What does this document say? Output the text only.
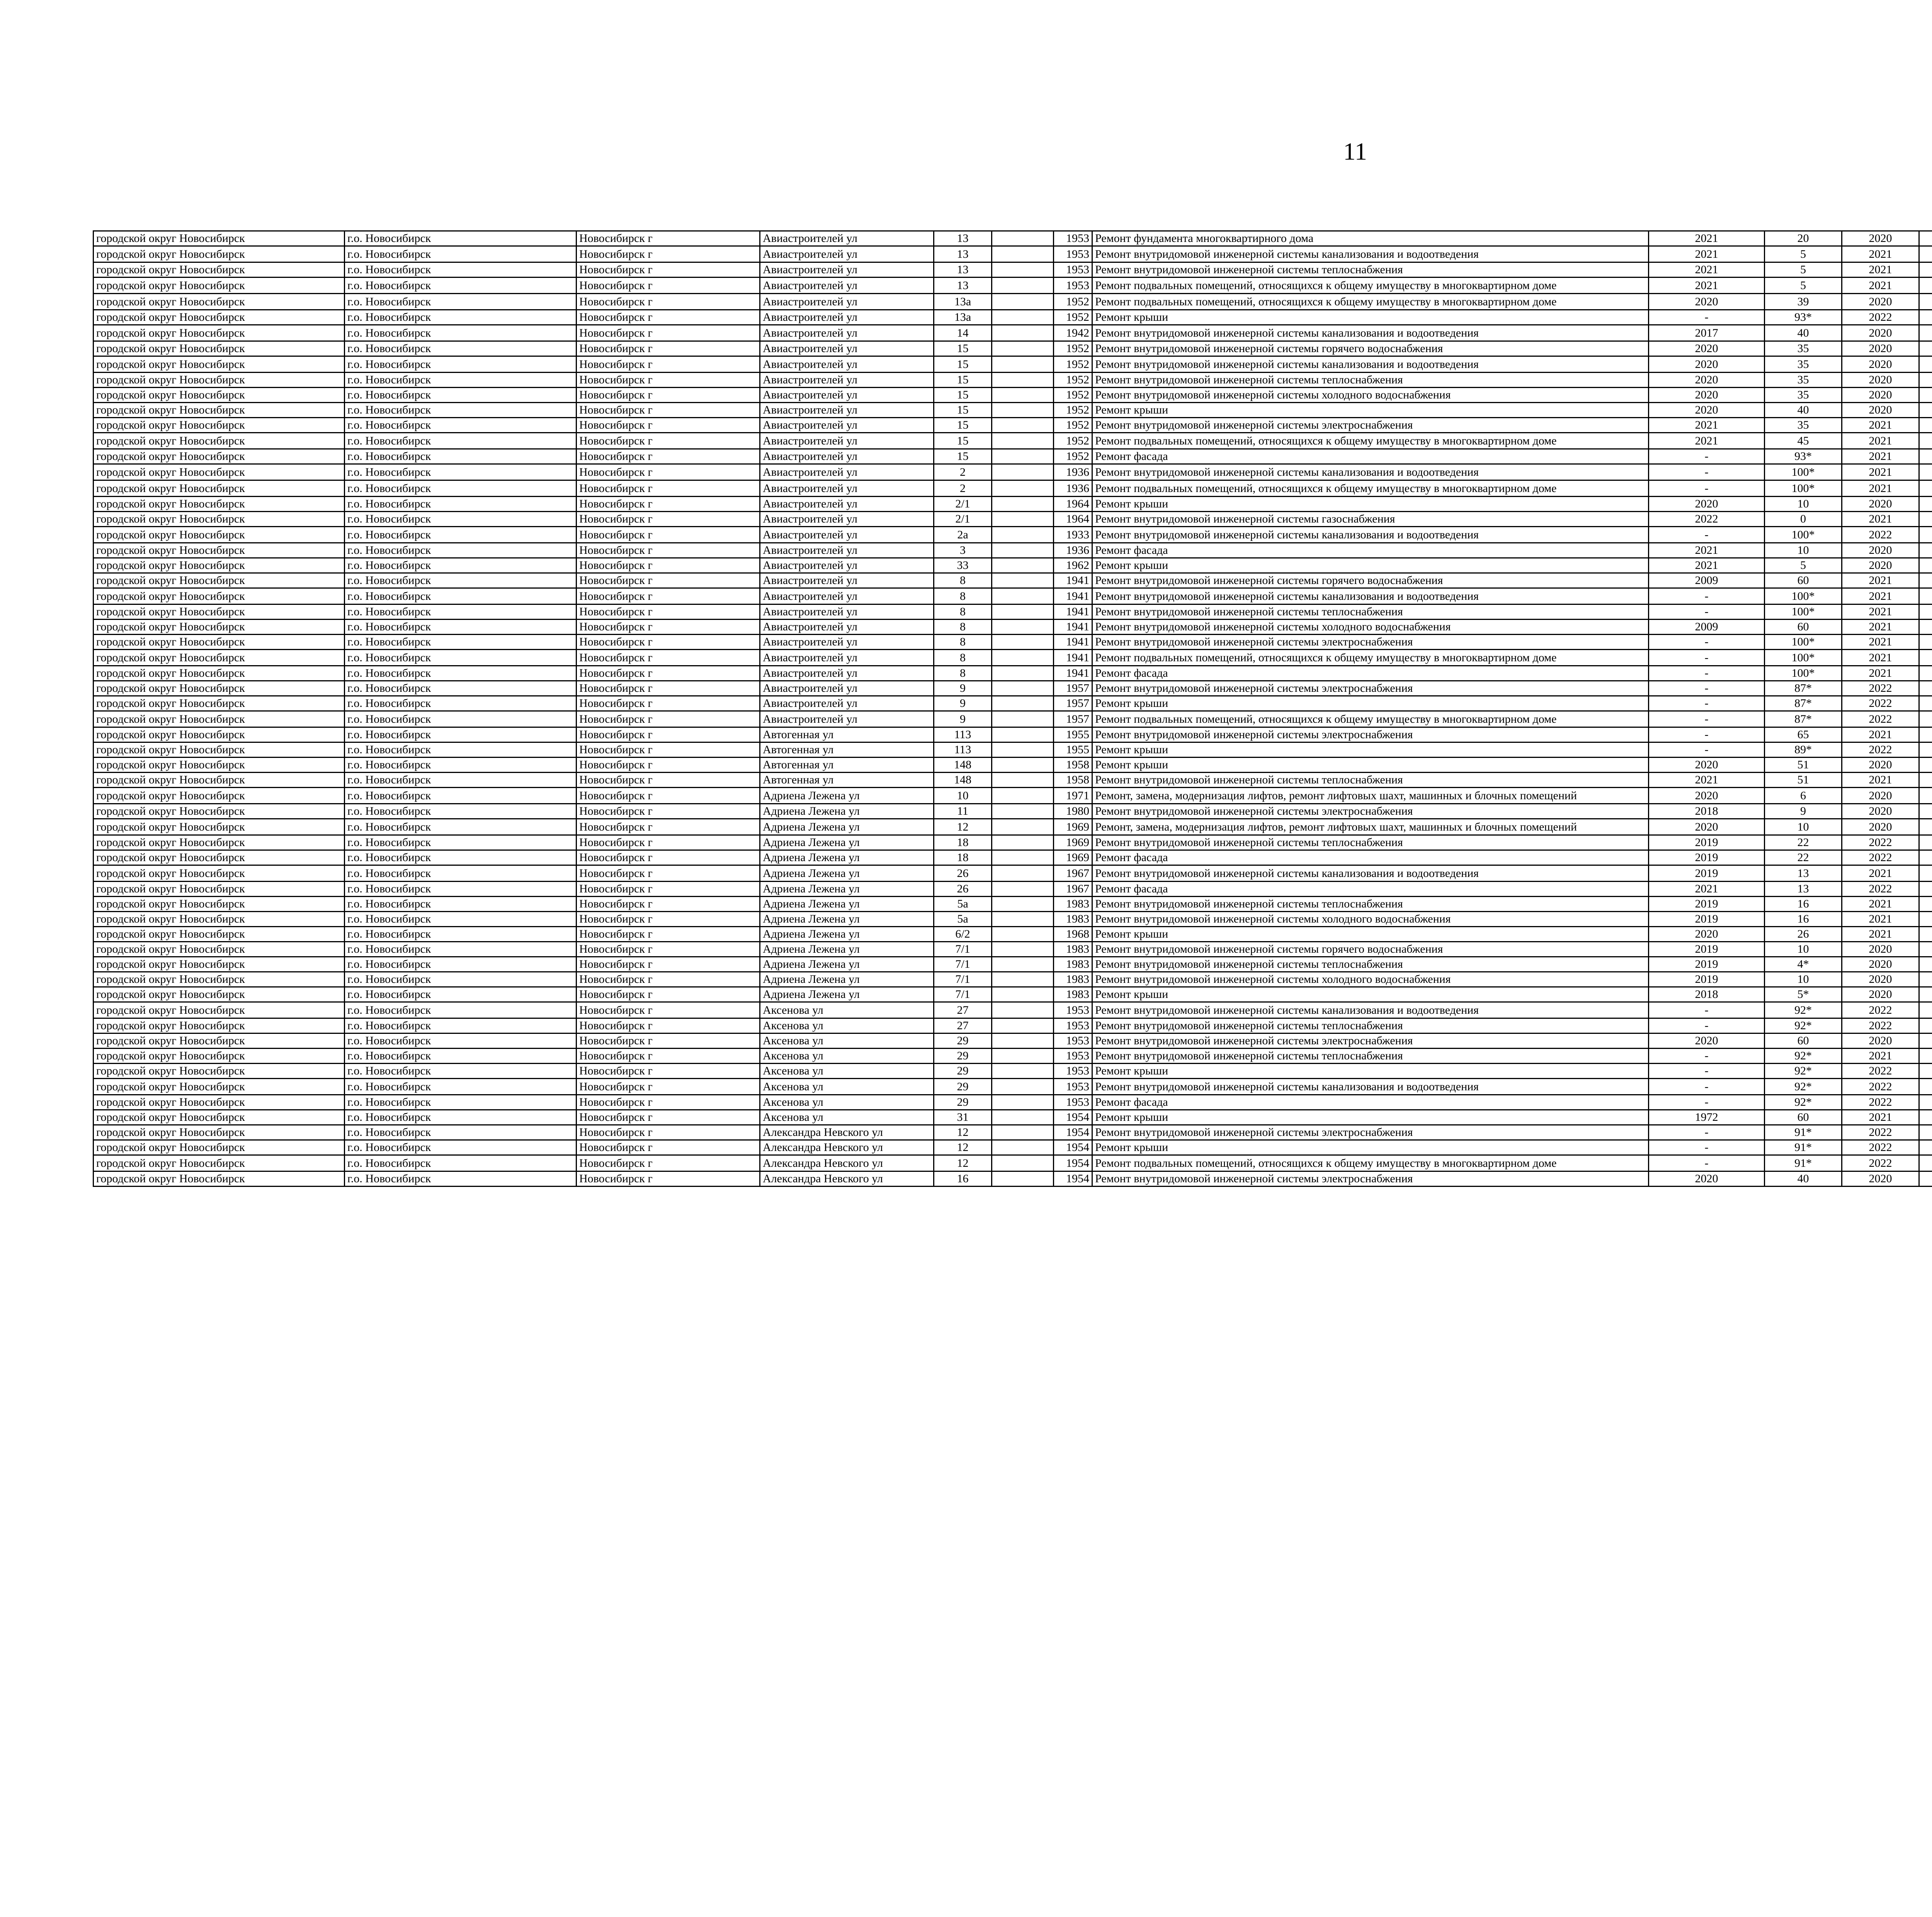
11
городской округ Новосибирск	г.о. Новосибирск	Новосибирск г	Авиастроителей ул	13		1953	Ремонт фундамента многоквартирного дома	2021	20	2020						
городской округ Новосибирск	г.о. Новосибирск	Новосибирск г	Авиастроителей ул	13		1953	Ремонт внутридомовой инженерной системы канализования и водоотведения	2021	5	2021						
городской округ Новосибирск	г.о. Новосибирск	Новосибирск г	Авиастроителей ул	13		1953	Ремонт внутридомовой инженерной системы теплоснабжения	2021	5	2021						
городской округ Новосибирск	г.о. Новосибирск	Новосибирск г	Авиастроителей ул	13		1953	Ремонт подвальных помещений, относящихся к общему имуществу в многоквартирном доме	2021	5	2021						
городской округ Новосибирск	г.о. Новосибирск	Новосибирск г	Авиастроителей ул	13а		1952	Ремонт подвальных помещений, относящихся к общему имуществу в многоквартирном доме	2020	39	2020						
городской округ Новосибирск	г.о. Новосибирск	Новосибирск г	Авиастроителей ул	13а		1952	Ремонт крыши	-	93*	2022						
городской округ Новосибирск	г.о. Новосибирск	Новосибирск г	Авиастроителей ул	14		1942	Ремонт внутридомовой инженерной системы канализования и водоотведения	2017	40	2020						
городской округ Новосибирск	г.о. Новосибирск	Новосибирск г	Авиастроителей ул	15		1952	Ремонт внутридомовой инженерной системы горячего водоснабжения	2020	35	2020						
городской округ Новосибирск	г.о. Новосибирск	Новосибирск г	Авиастроителей ул	15		1952	Ремонт внутридомовой инженерной системы канализования и водоотведения	2020	35	2020						
городской округ Новосибирск	г.о. Новосибирск	Новосибирск г	Авиастроителей ул	15		1952	Ремонт внутридомовой инженерной системы теплоснабжения	2020	35	2020						
городской округ Новосибирск	г.о. Новосибирск	Новосибирск г	Авиастроителей ул	15		1952	Ремонт внутридомовой инженерной системы холодного водоснабжения	2020	35	2020						
городской округ Новосибирск	г.о. Новосибирск	Новосибирск г	Авиастроителей ул	15		1952	Ремонт крыши	2020	40	2020						
городской округ Новосибирск	г.о. Новосибирск	Новосибирск г	Авиастроителей ул	15		1952	Ремонт внутридомовой инженерной системы электроснабжения	2021	35	2021						
городской округ Новосибирск	г.о. Новосибирск	Новосибирск г	Авиастроителей ул	15		1952	Ремонт подвальных помещений, относящихся к общему имуществу в многоквартирном доме	2021	45	2021						
городской округ Новосибирск	г.о. Новосибирск	Новосибирск г	Авиастроителей ул	15		1952	Ремонт фасада	-	93*	2021						
городской округ Новосибирск	г.о. Новосибирск	Новосибирск г	Авиастроителей ул	2		1936	Ремонт внутридомовой инженерной системы канализования и водоотведения	-	100*	2021						
городской округ Новосибирск	г.о. Новосибирск	Новосибирск г	Авиастроителей ул	2		1936	Ремонт подвальных помещений, относящихся к общему имуществу в многоквартирном доме	-	100*	2021						
городской округ Новосибирск	г.о. Новосибирск	Новосибирск г	Авиастроителей ул	2/1		1964	Ремонт крыши	2020	10	2020						
городской округ Новосибирск	г.о. Новосибирск	Новосибирск г	Авиастроителей ул	2/1		1964	Ремонт внутридомовой инженерной системы газоснабжения	2022	0	2021						
городской округ Новосибирск	г.о. Новосибирск	Новосибирск г	Авиастроителей ул	2а		1933	Ремонт внутридомовой инженерной системы канализования и водоотведения	-	100*	2022						
городской округ Новосибирск	г.о. Новосибирск	Новосибирск г	Авиастроителей ул	3		1936	Ремонт фасада	2021	10	2020						
городской округ Новосибирск	г.о. Новосибирск	Новосибирск г	Авиастроителей ул	33		1962	Ремонт крыши	2021	5	2020						
городской округ Новосибирск	г.о. Новосибирск	Новосибирск г	Авиастроителей ул	8		1941	Ремонт внутридомовой инженерной системы горячего водоснабжения	2009	60	2021						
городской округ Новосибирск	г.о. Новосибирск	Новосибирск г	Авиастроителей ул	8		1941	Ремонт внутридомовой инженерной системы канализования и водоотведения	-	100*	2021						
городской округ Новосибирск	г.о. Новосибирск	Новосибирск г	Авиастроителей ул	8		1941	Ремонт внутридомовой инженерной системы теплоснабжения	-	100*	2021						
городской округ Новосибирск	г.о. Новосибирск	Новосибирск г	Авиастроителей ул	8		1941	Ремонт внутридомовой инженерной системы холодного водоснабжения	2009	60	2021						
городской округ Новосибирск	г.о. Новосибирск	Новосибирск г	Авиастроителей ул	8		1941	Ремонт внутридомовой инженерной системы электроснабжения	-	100*	2021						
городской округ Новосибирск	г.о. Новосибирск	Новосибирск г	Авиастроителей ул	8		1941	Ремонт подвальных помещений, относящихся к общему имуществу в многоквартирном доме	-	100*	2021						
городской округ Новосибирск	г.о. Новосибирск	Новосибирск г	Авиастроителей ул	8		1941	Ремонт фасада	-	100*	2021						
городской округ Новосибирск	г.о. Новосибирск	Новосибирск г	Авиастроителей ул	9		1957	Ремонт внутридомовой инженерной системы электроснабжения	-	87*	2022						
городской округ Новосибирск	г.о. Новосибирск	Новосибирск г	Авиастроителей ул	9		1957	Ремонт крыши	-	87*	2022						
городской округ Новосибирск	г.о. Новосибирск	Новосибирск г	Авиастроителей ул	9		1957	Ремонт подвальных помещений, относящихся к общему имуществу в многоквартирном доме	-	87*	2022						
городской округ Новосибирск	г.о. Новосибирск	Новосибирск г	Автогенная ул	113		1955	Ремонт внутридомовой инженерной системы электроснабжения	-	65	2021						
городской округ Новосибирск	г.о. Новосибирск	Новосибирск г	Автогенная ул	113		1955	Ремонт крыши	-	89*	2022						
городской округ Новосибирск	г.о. Новосибирск	Новосибирск г	Автогенная ул	148		1958	Ремонт крыши	2020	51	2020						
городской округ Новосибирск	г.о. Новосибирск	Новосибирск г	Автогенная ул	148		1958	Ремонт внутридомовой инженерной системы теплоснабжения	2021	51	2021						
городской округ Новосибирск	г.о. Новосибирск	Новосибирск г	Адриена Лежена ул	10		1971	Ремонт, замена, модернизация лифтов, ремонт лифтовых шахт, машинных и блочных помещений	2020	6	2020						
городской округ Новосибирск	г.о. Новосибирск	Новосибирск г	Адриена Лежена ул	11		1980	Ремонт внутридомовой инженерной системы электроснабжения	2018	9	2020						
городской округ Новосибирск	г.о. Новосибирск	Новосибирск г	Адриена Лежена ул	12		1969	Ремонт, замена, модернизация лифтов, ремонт лифтовых шахт, машинных и блочных помещений	2020	10	2020						
городской округ Новосибирск	г.о. Новосибирск	Новосибирск г	Адриена Лежена ул	18		1969	Ремонт внутридомовой инженерной системы теплоснабжения	2019	22	2022						
городской округ Новосибирск	г.о. Новосибирск	Новосибирск г	Адриена Лежена ул	18		1969	Ремонт фасада	2019	22	2022						
городской округ Новосибирск	г.о. Новосибирск	Новосибирск г	Адриена Лежена ул	26		1967	Ремонт внутридомовой инженерной системы канализования и водоотведения	2019	13	2021						
городской округ Новосибирск	г.о. Новосибирск	Новосибирск г	Адриена Лежена ул	26		1967	Ремонт фасада	2021	13	2022						
городской округ Новосибирск	г.о. Новосибирск	Новосибирск г	Адриена Лежена ул	5а		1983	Ремонт внутридомовой инженерной системы теплоснабжения	2019	16	2021						
городской округ Новосибирск	г.о. Новосибирск	Новосибирск г	Адриена Лежена ул	5а		1983	Ремонт внутридомовой инженерной системы холодного водоснабжения	2019	16	2021						
городской округ Новосибирск	г.о. Новосибирск	Новосибирск г	Адриена Лежена ул	6/2		1968	Ремонт крыши	2020	26	2021						
городской округ Новосибирск	г.о. Новосибирск	Новосибирск г	Адриена Лежена ул	7/1		1983	Ремонт внутридомовой инженерной системы горячего водоснабжения	2019	10	2020						
городской округ Новосибирск	г.о. Новосибирск	Новосибирск г	Адриена Лежена ул	7/1		1983	Ремонт внутридомовой инженерной системы теплоснабжения	2019	4*	2020						
городской округ Новосибирск	г.о. Новосибирск	Новосибирск г	Адриена Лежена ул	7/1		1983	Ремонт внутридомовой инженерной системы холодного водоснабжения	2019	10	2020						
городской округ Новосибирск	г.о. Новосибирск	Новосибирск г	Адриена Лежена ул	7/1		1983	Ремонт крыши	2018	5*	2020						
городской округ Новосибирск	г.о. Новосибирск	Новосибирск г	Аксенова ул	27		1953	Ремонт внутридомовой инженерной системы канализования и водоотведения	-	92*	2022						
городской округ Новосибирск	г.о. Новосибирск	Новосибирск г	Аксенова ул	27		1953	Ремонт внутридомовой инженерной системы теплоснабжения	-	92*	2022						
городской округ Новосибирск	г.о. Новосибирск	Новосибирск г	Аксенова ул	29		1953	Ремонт внутридомовой инженерной системы электроснабжения	2020	60	2020						
городской округ Новосибирск	г.о. Новосибирск	Новосибирск г	Аксенова ул	29		1953	Ремонт внутридомовой инженерной системы теплоснабжения	-	92*	2021						
городской округ Новосибирск	г.о. Новосибирск	Новосибирск г	Аксенова ул	29		1953	Ремонт крыши	-	92*	2022						
городской округ Новосибирск	г.о. Новосибирск	Новосибирск г	Аксенова ул	29		1953	Ремонт внутридомовой инженерной системы канализования и водоотведения	-	92*	2022						
городской округ Новосибирск	г.о. Новосибирск	Новосибирск г	Аксенова ул	29		1953	Ремонт фасада	-	92*	2022						
городской округ Новосибирск	г.о. Новосибирск	Новосибирск г	Аксенова ул	31		1954	Ремонт крыши	1972	60	2021						
городской округ Новосибирск	г.о. Новосибирск	Новосибирск г	Александра Невского ул	12		1954	Ремонт внутридомовой инженерной системы электроснабжения	-	91*	2022						
городской округ Новосибирск	г.о. Новосибирск	Новосибирск г	Александра Невского ул	12		1954	Ремонт крыши	-	91*	2022						
городской округ Новосибирск	г.о. Новосибирск	Новосибирск г	Александра Невского ул	12		1954	Ремонт подвальных помещений, относящихся к общему имуществу в многоквартирном доме	-	91*	2022						
городской округ Новосибирск	г.о. Новосибирск	Новосибирск г	Александра Невского ул	16		1954	Ремонт внутридомовой инженерной системы электроснабжения	2020	40	2020						
